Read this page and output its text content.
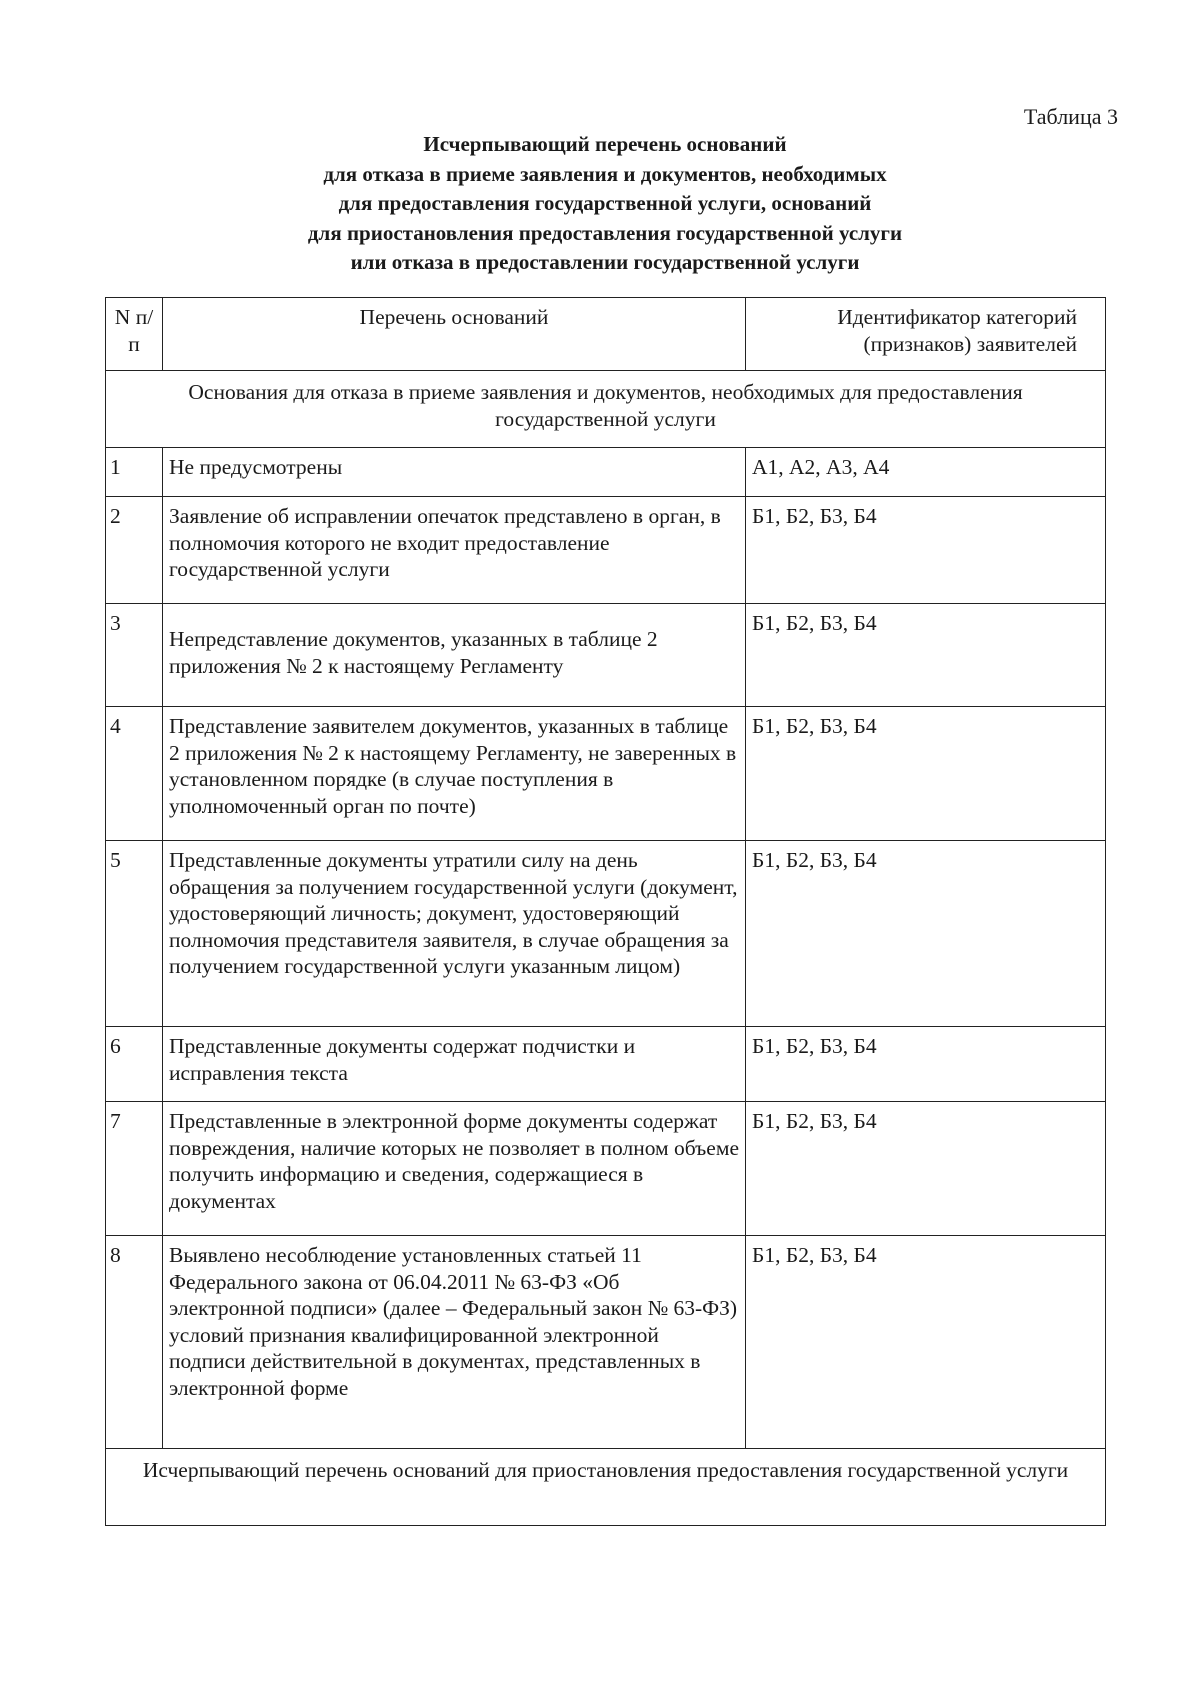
Таблица 3
Исчерпывающий перечень оснований
для отказа в приеме заявления и документов, необходимых
для предоставления государственной услуги, оснований
для приостановления предоставления государственной услуги
или отказа в предоставлении государственной услуги
N п/п	Перечень оснований	Идентификатор категорий (признаков) заявителей
Основания для отказа в приеме заявления и документов, необходимых для предоставления государственной услуги		
1	Не предусмотрены	А1, А2, А3, А4
2	Заявление об исправлении опечаток представлено в орган, в полномочия которого не входит предоставление государственной услуги	Б1, Б2, Б3, Б4
3	Непредставление документов, указанных в таблице 2 приложения № 2 к настоящему Регламенту	Б1, Б2, Б3, Б4
4	Представление заявителем документов, указанных в таблице 2 приложения № 2 к настоящему Регламенту, не заверенных в установленном порядке (в случае поступления в уполномоченный орган по почте)	Б1, Б2, Б3, Б4
5	Представленные документы утратили силу на день обращения за получением государственной услуги (документ, удостоверяющий личность; документ, удостоверяющий полномочия представителя заявителя, в случае обращения за получением государственной услуги указанным лицом)	Б1, Б2, Б3, Б4
6	Представленные документы содержат подчистки и исправления текста	Б1, Б2, Б3, Б4
7	Представленные в электронной форме документы содержат повреждения, наличие которых не позволяет в полном объеме получить информацию и сведения, содержащиеся в документах	Б1, Б2, Б3, Б4
8	Выявлено несоблюдение установленных статьей 11 Федерального закона от 06.04.2011 № 63-ФЗ «Об электронной подписи» (далее – Федеральный закон № 63-ФЗ) условий признания квалифицированной электронной подписи действительной в документах, представленных в электронной форме	Б1, Б2, Б3, Б4
Исчерпывающий перечень оснований для приостановления предоставления государственной услуги		
